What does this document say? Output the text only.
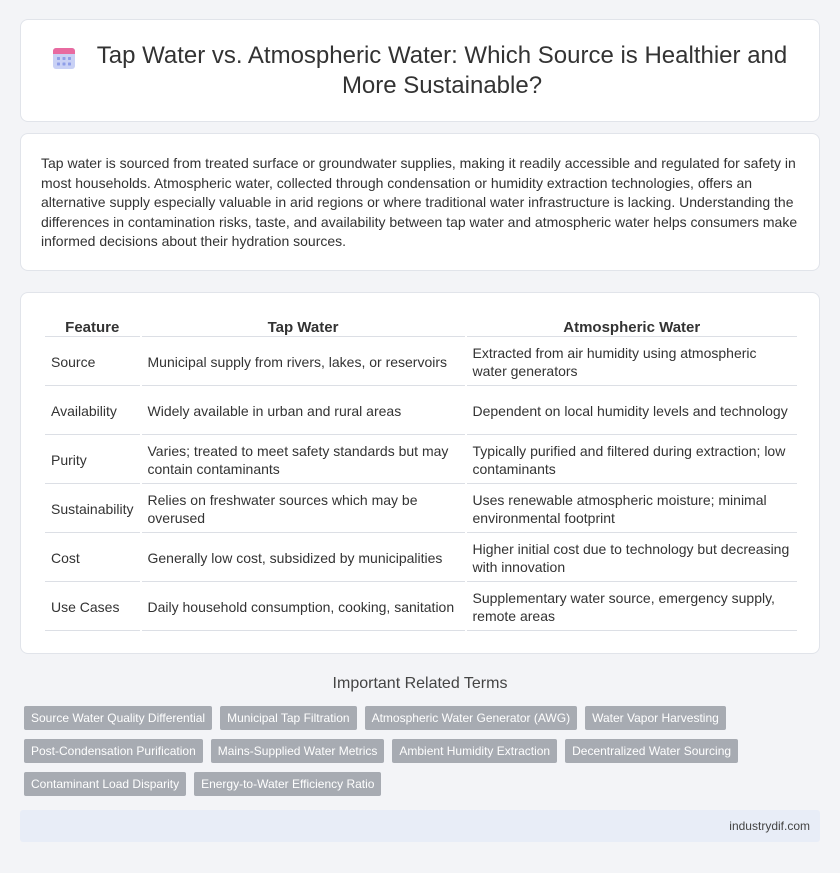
Tap Water vs. Atmospheric Water: Which Source is Healthier and More Sustainable?

Tap water is sourced from treated surface or groundwater supplies, making it readily accessible and regulated for safety in most households. Atmospheric water, collected through condensation or humidity extraction technologies, offers an alternative supply especially valuable in arid regions or where traditional water infrastructure is lacking. Understanding the differences in contamination risks, taste, and availability between tap water and atmospheric water helps consumers make informed decisions about their hydration sources.

Feature	Tap Water	Atmospheric Water
Source	Municipal supply from rivers, lakes, or reservoirs	Extracted from air humidity using atmospheric water generators
Availability	Widely available in urban and rural areas	Dependent on local humidity levels and technology
Purity	Varies; treated to meet safety standards but may contain contaminants	Typically purified and filtered during extraction; low contaminants
Sustainability	Relies on freshwater sources which may be overused	Uses renewable atmospheric moisture; minimal environmental footprint
Cost	Generally low cost, subsidized by municipalities	Higher initial cost due to technology but decreasing with innovation
Use Cases	Daily household consumption, cooking, sanitation	Supplementary water source, emergency supply, remote areas
Important Related Terms
Source Water Quality Differential	Municipal Tap Filtration	Atmospheric Water Generator (AWG)	Water Vapor Harvesting
Post-Condensation Purification	Mains-Supplied Water Metrics	Ambient Humidity Extraction	Decentralized Water Sourcing
Contaminant Load Disparity	Energy-to-Water Efficiency Ratio
industrydif.com
